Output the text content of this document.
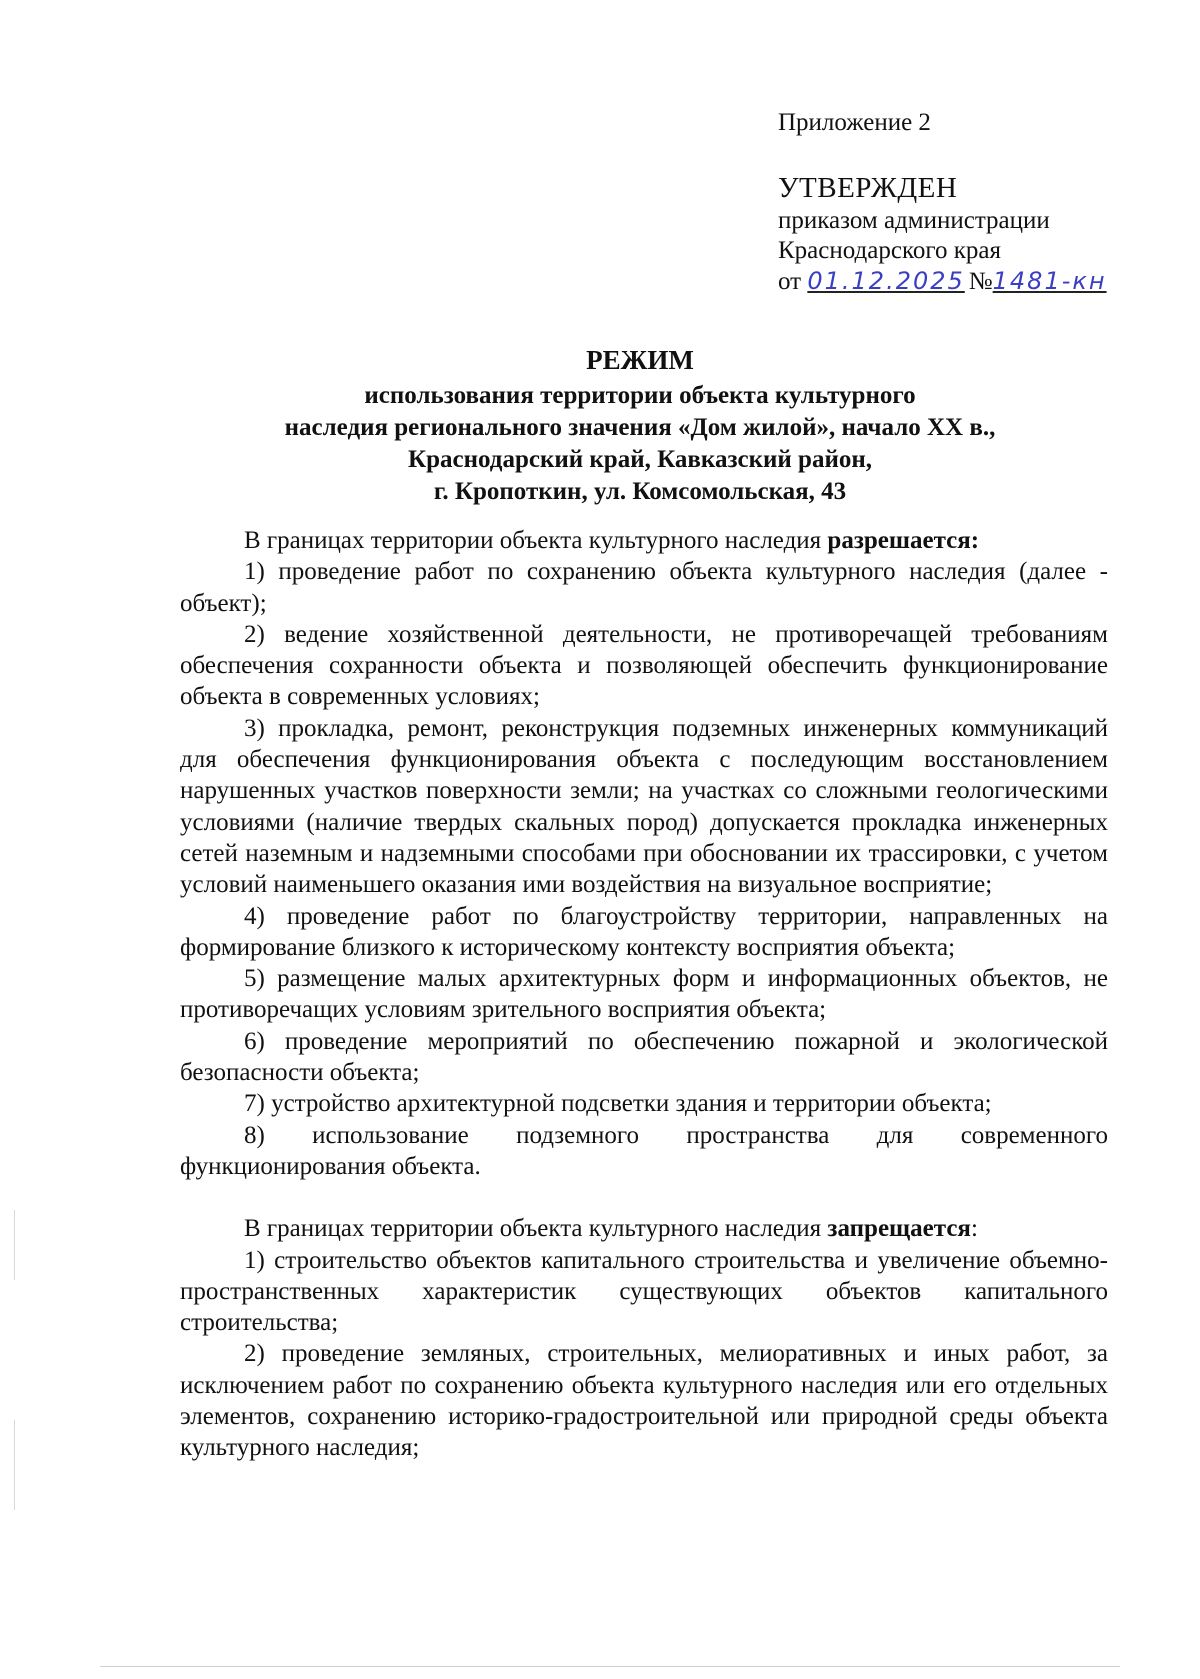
Приложение 2
УТВЕРЖДЕН
приказом администрации
Краснодарского края
от 01.12.2025 №1481-кн
РЕЖИМ
использования территории объекта культурного
наследия регионального значения «Дом жилой», начало XX в.,
Краснодарский край, Кавказский район,
г. Кропоткин, ул. Комсомольская, 43

В границах территории объекта культурного наследия разрешается:

1) проведение работ по сохранению объекта культурного наследия (далее - объект);

2) ведение хозяйственной деятельности, не противоречащей требованиям обеспечения сохранности объекта и позволяющей обеспечить функционирование объекта в современных условиях;

3) прокладка, ремонт, реконструкция подземных инженерных коммуникаций для обеспечения функционирования объекта с последующим восстановлением нарушенных участков поверхности земли; на участках со сложными геологическими условиями (наличие твердых скальных пород) допускается прокладка инженерных сетей наземным и надземными способами при обосновании их трассировки, с учетом условий наименьшего оказания ими воздействия на визуальное восприятие;

4) проведение работ по благоустройству территории, направленных на формирование близкого к историческому контексту восприятия объекта;

5) размещение малых архитектурных форм и информационных объектов, не противоречащих условиям зрительного восприятия объекта;

6) проведение мероприятий по обеспечению пожарной и экологической безопасности объекта;

7) устройство архитектурной подсветки здания и территории объекта;

8) использование подземного пространства для современного функционирования объекта.

В границах территории объекта культурного наследия запрещается:

1) строительство объектов капитального строительства и увеличение объемно-пространственных характеристик существующих объектов капитального строительства;

2) проведение земляных, строительных, мелиоративных и иных работ, за исключением работ по сохранению объекта культурного наследия или его отдельных элементов, сохранению историко-градостроительной или природной среды объекта культурного наследия;
